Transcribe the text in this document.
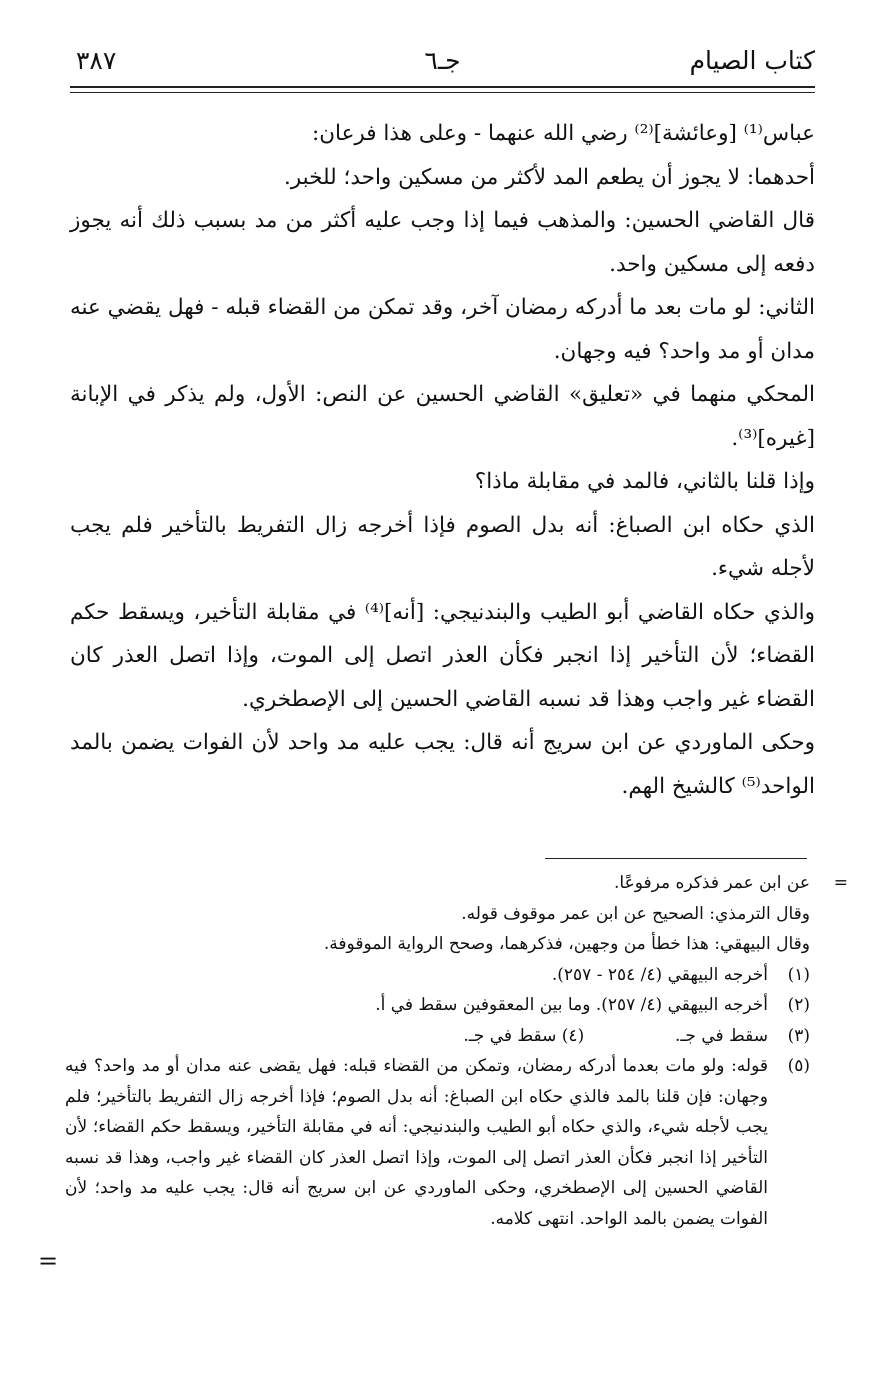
كتاب الصيام
جـ٦
٣٨٧

عباس⁽¹⁾ [وعائشة]⁽²⁾ رضي الله عنهما - وعلى هذا فرعان:

أحدهما: لا يجوز أن يطعم المد لأكثر من مسكين واحد؛ للخبر.

قال القاضي الحسين: والمذهب فيما إذا وجب عليه أكثر من مد بسبب ذلك أنه يجوز دفعه إلى مسكين واحد.

الثاني: لو مات بعد ما أدركه رمضان آخر، وقد تمكن من القضاء قبله - فهل يقضي عنه مدان أو مد واحد؟ فيه وجهان.

المحكي منهما في «تعليق» القاضي الحسين عن النص: الأول، ولم يذكر في الإبانة [غيره]⁽³⁾.

وإذا قلنا بالثاني، فالمد في مقابلة ماذا؟

الذي حكاه ابن الصباغ: أنه بدل الصوم فإذا أخرجه زال التفريط بالتأخير فلم يجب لأجله شيء.

والذي حكاه القاضي أبو الطيب والبندنيجي: [أنه]⁽⁴⁾ في مقابلة التأخير، ويسقط حكم القضاء؛ لأن التأخير إذا انجبر فكأن العذر اتصل إلى الموت، وإذا اتصل العذر كان القضاء غير واجب وهذا قد نسبه القاضي الحسين إلى الإصطخري.

وحكى الماوردي عن ابن سريج أنه قال: يجب عليه مد واحد لأن الفوات يضمن بالمد الواحد⁽⁵⁾ كالشيخ الهم.

=
عن ابن عمر فذكره مرفوعًا.

وقال الترمذي: الصحيح عن ابن عمر موقوف قوله.

وقال البيهقي: هذا خطأ من وجهين، فذكرهما، وصحح الرواية الموقوفة.

(١)
أخرجه البيهقي (٤/ ٢٥٤ - ٢٥٧).
(٢)
أخرجه البيهقي (٤/ ٢٥٧). وما بين المعقوفين سقط في أ.
(٣)
سقط في جـ.  (٤) سقط في جـ.
(٥)
قوله: ولو مات بعدما أدركه رمضان، وتمكن من القضاء قبله: فهل يقضى عنه مدان أو مد واحد؟ فيه وجهان: فإن قلنا بالمد فالذي حكاه ابن الصباغ: أنه بدل الصوم؛ فإذا أخرجه زال التفريط بالتأخير؛ فلم يجب لأجله شيء، والذي حكاه أبو الطيب والبندنيجي: أنه في مقابلة التأخير، ويسقط حكم القضاء؛ لأن التأخير إذا انجبر فكأن العذر اتصل إلى الموت، وإذا اتصل العذر كان القضاء غير واجب، وهذا قد نسبه القاضي الحسين إلى الإصطخري، وحكى الماوردي عن ابن سريج أنه قال: يجب عليه مد واحد؛ لأن الفوات يضمن بالمد الواحد. انتهى كلامه.
=
